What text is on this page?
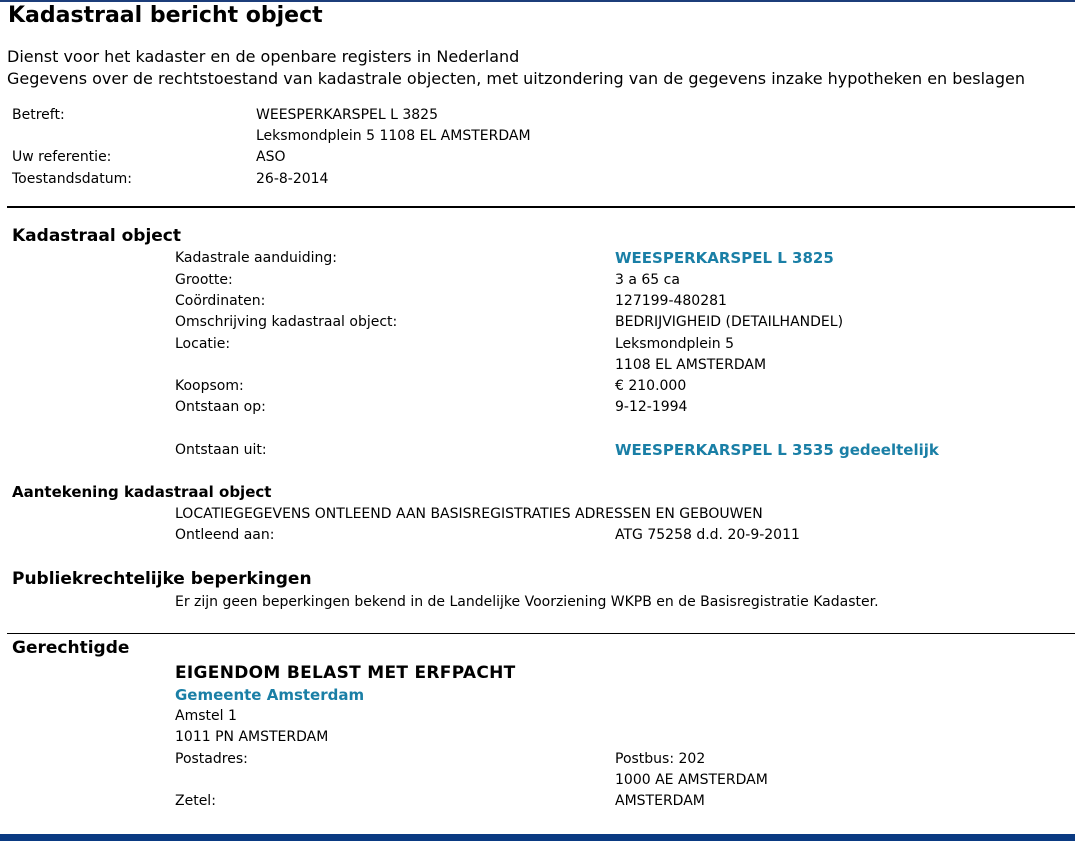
Kadastraal bericht object
Dienst voor het kadaster en de openbare registers in Nederland
Gegevens over de rechtstoestand van kadastrale objecten, met uitzondering van de gegevens inzake hypotheken en beslagen
Betreft:	WEESPERKARSPEL L 3825
Leksmondplein 5 1108 EL AMSTERDAM
Uw referentie:	ASO
Toestandsdatum:	26-8-2014
Kadastraal object
Kadastrale aanduiding:	WEESPERKARSPEL L 3825
Grootte:	3 a 65 ca
Coördinaten:	127199-480281
Omschrijving kadastraal object:	BEDRIJVIGHEID (DETAILHANDEL)
Locatie:	Leksmondplein 5
1108 EL AMSTERDAM
Koopsom:	€ 210.000
Ontstaan op:	9-12-1994
Ontstaan uit:	WEESPERKARSPEL L 3535 gedeeltelijk
Aantekening kadastraal object
LOCATIEGEGEVENS ONTLEEND AAN BASISREGISTRATIES ADRESSEN EN GEBOUWEN
Ontleend aan:	ATG 75258 d.d. 20-9-2011
Publiekrechtelijke beperkingen
Er zijn geen beperkingen bekend in de Landelijke Voorziening WKPB en de Basisregistratie Kadaster.
Gerechtigde
EIGENDOM BELAST MET ERFPACHT
Gemeente Amsterdam
Amstel 1
1011 PN AMSTERDAM
Postadres:	Postbus: 202
1000 AE AMSTERDAM
Zetel:	AMSTERDAM
